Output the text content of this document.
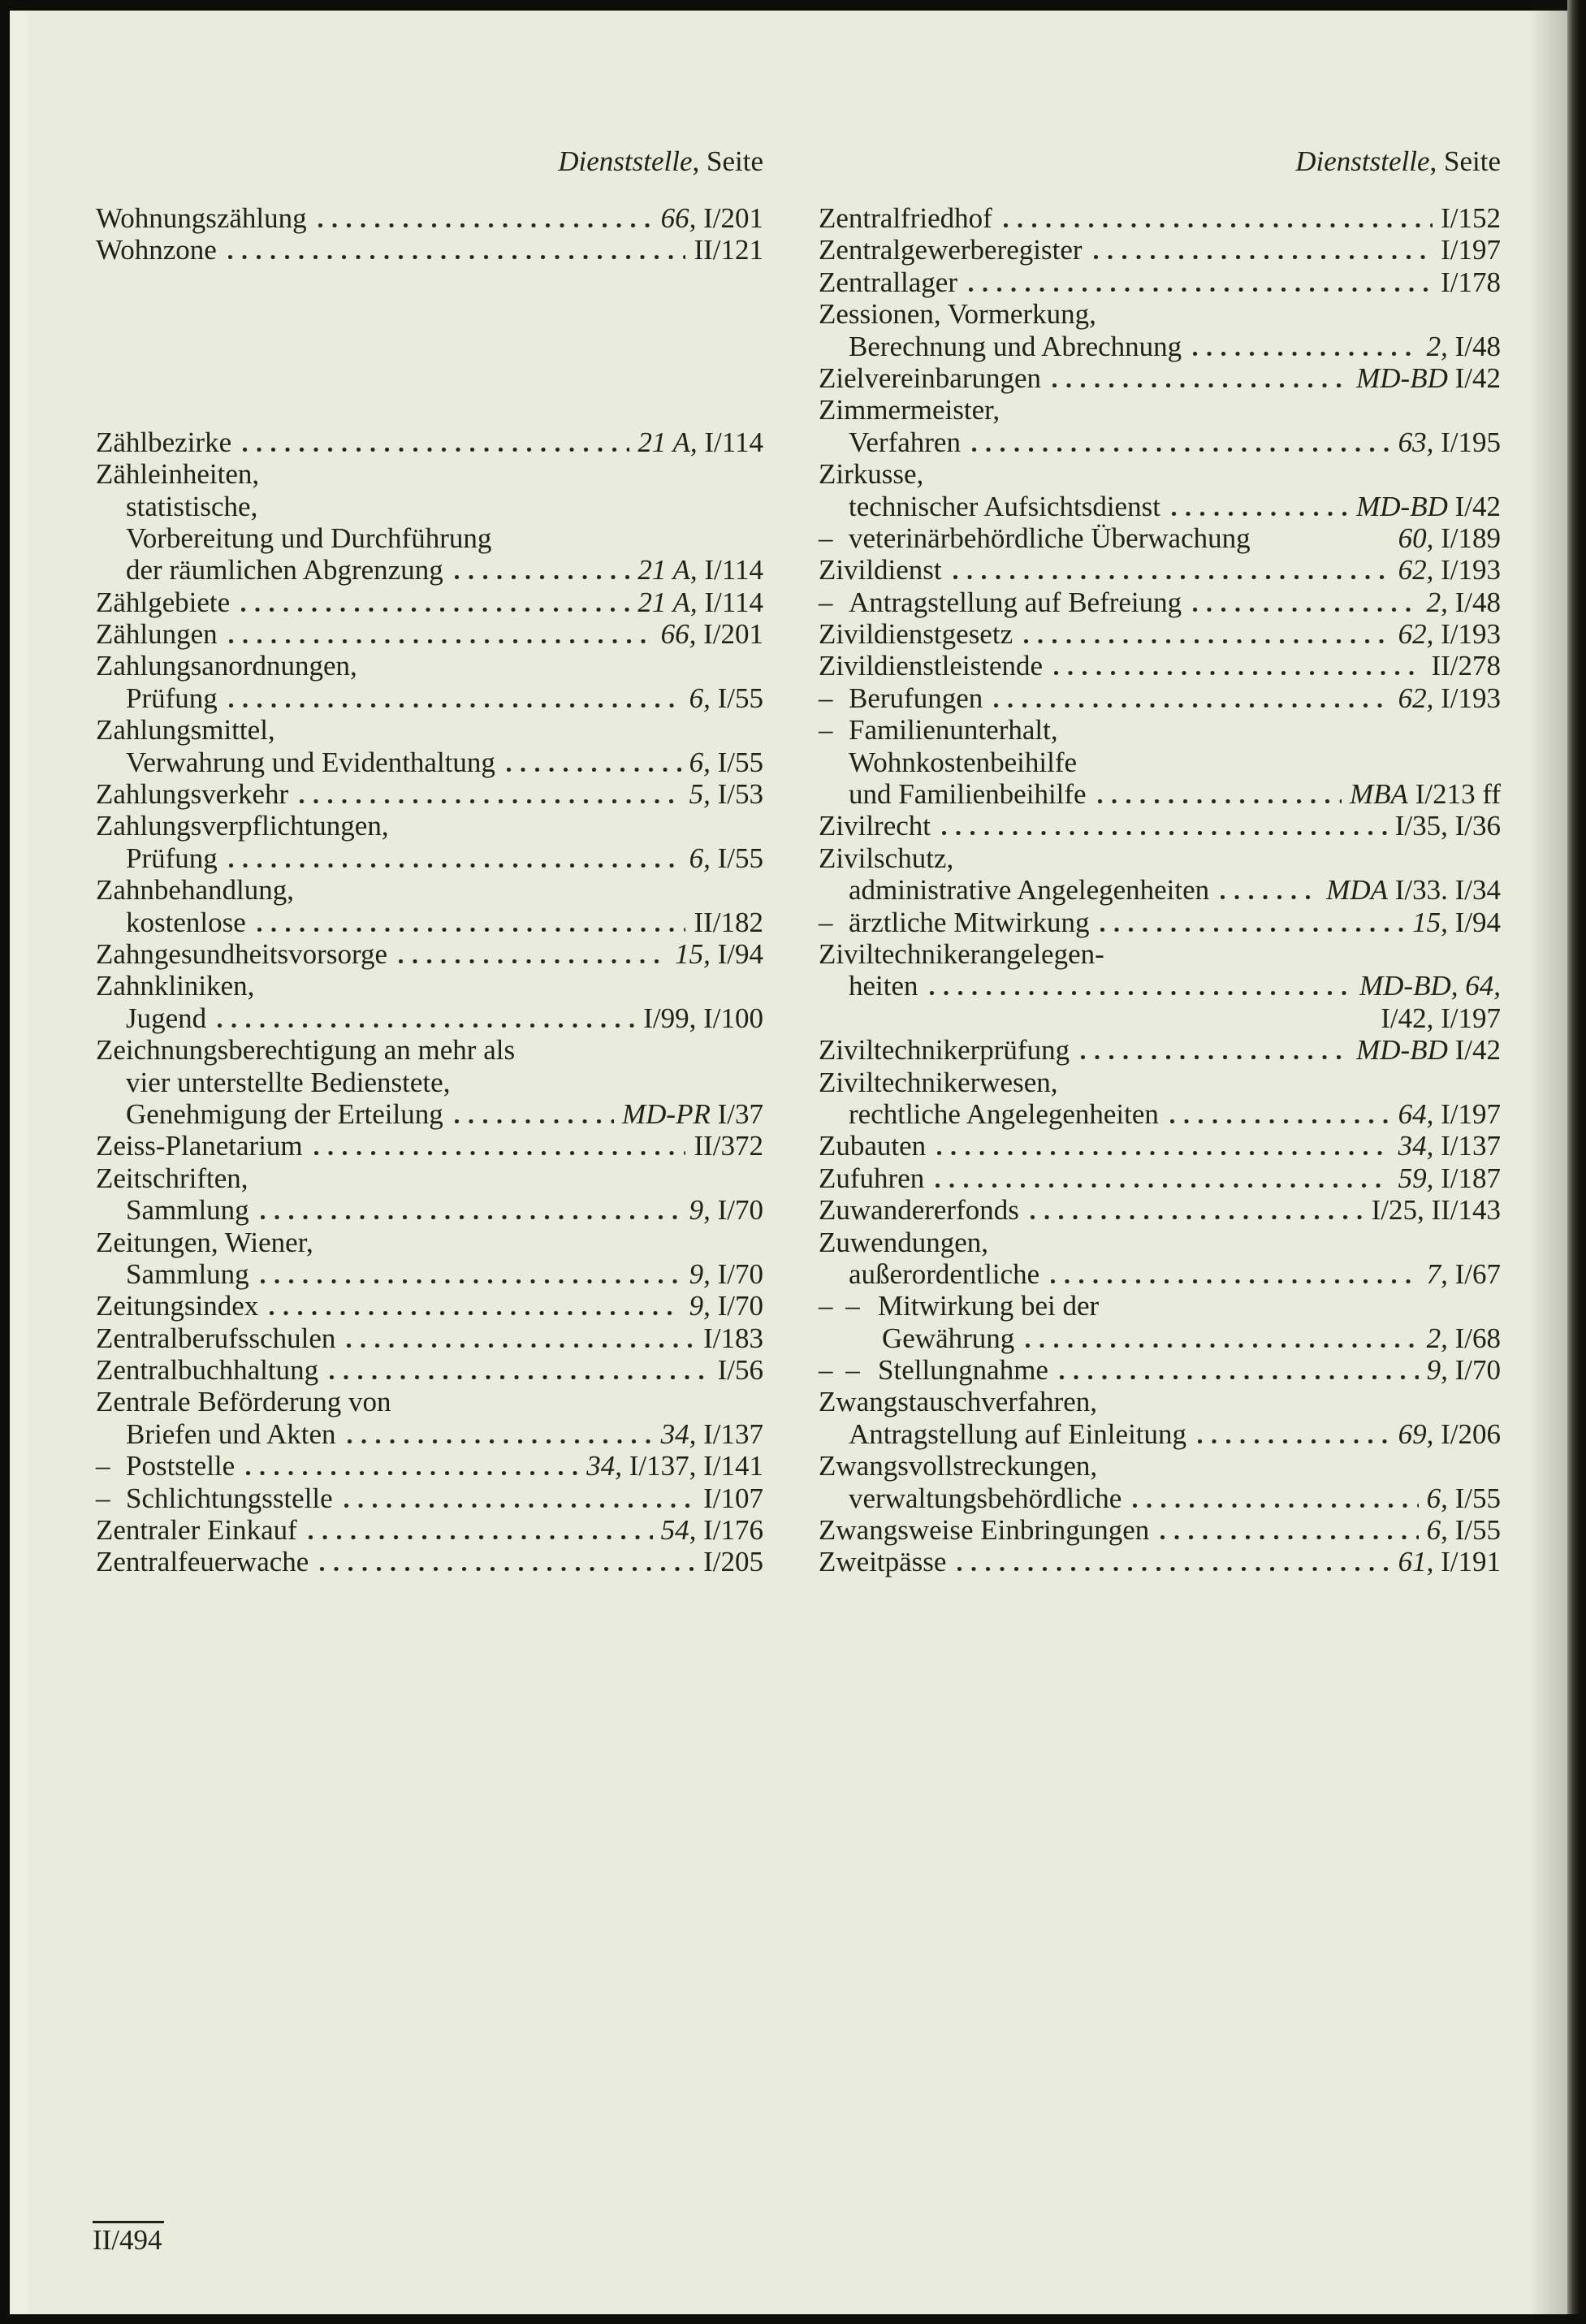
Dienststelle, Seite	Dienststelle, Seite
Wohnungszählung	66, I/201
Wohnzone	II/121
Zählbezirke	21 A, I/114
Zähleinheiten,
statistische,
Vorbereitung und Durchführung
der räumlichen Abgrenzung	21 A, I/114
Zählgebiete	21 A, I/114
Zählungen	66, I/201
Zahlungsanordnungen,
Prüfung	6, I/55
Zahlungsmittel,
Verwahrung und Evidenthaltung	6, I/55
Zahlungsverkehr	5, I/53
Zahlungsverpflichtungen,
Prüfung	6, I/55
Zahnbehandlung,
kostenlose	II/182
Zahngesundheitsvorsorge	15, I/94
Zahnkliniken,
Jugend	I/99, I/100
Zeichnungsberechtigung an mehr als
vier unterstellte Bedienstete,
Genehmigung der Erteilung	MD-PR I/37
Zeiss-Planetarium	II/372
Zeitschriften,
Sammlung	9, I/70
Zeitungen, Wiener,
Sammlung	9, I/70
Zeitungsindex	9, I/70
Zentralberufsschulen	I/183
Zentralbuchhaltung	I/56
Zentrale Beförderung von
Briefen und Akten	34, I/137
– Poststelle	34, I/137, I/141
– Schlichtungsstelle	I/107
Zentraler Einkauf	54, I/176
Zentralfeuerwache	I/205
Zentralfriedhof	I/152
Zentralgewerberegister	I/197
Zentrallager	I/178
Zessionen, Vormerkung,
Berechnung und Abrechnung	2, I/48
Zielvereinbarungen	MD-BD I/42
Zimmermeister,
Verfahren	63, I/195
Zirkusse,
technischer Aufsichtsdienst	MD-BD I/42
– veterinärbehördliche Überwachung	60, I/189
Zivildienst	62, I/193
– Antragstellung auf Befreiung	2, I/48
Zivildienstgesetz	62, I/193
Zivildienstleistende	II/278
– Berufungen	62, I/193
– Familienunterhalt,
Wohnkostenbeihilfe
und Familienbeihilfe	MBA I/213 ff
Zivilrecht	I/35, I/36
Zivilschutz,
administrative Angelegenheiten	MDA I/33. I/34
– ärztliche Mitwirkung	15, I/94
Ziviltechnikerangelegen-
heiten	MD-BD, 64,
I/42, I/197
Ziviltechnikerprüfung	MD-BD I/42
Ziviltechnikerwesen,
rechtliche Angelegenheiten	64, I/197
Zubauten	34, I/137
Zufuhren	59, I/187
Zuwandererfonds	I/25, II/143
Zuwendungen,
außerordentliche	7, I/67
– – Mitwirkung bei der
Gewährung	2, I/68
– – Stellungnahme	9, I/70
Zwangstauschverfahren,
Antragstellung auf Einleitung	69, I/206
Zwangsvollstreckungen,
verwaltungsbehördliche	6, I/55
Zwangsweise Einbringungen	6, I/55
Zweitpässe	61, I/191
II/494
